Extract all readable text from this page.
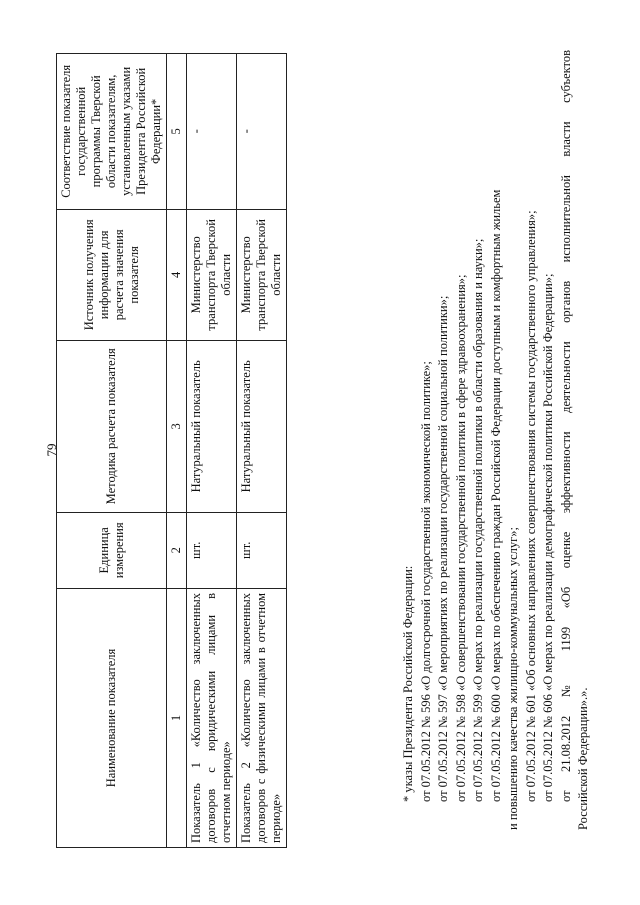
79
Наименование показателя	Единица измерения	Методика расчета показателя	Источник получения информации для расчета значения показателя	Соответствие показателя государственной программы Тверской области показателям, установленным указами Президента Российской Федерации*
1	2	3	4	5
Показатель 1 «Количество заключенных договоров с юридическими лицами в отчетном периоде»	шт.	Натуральный показатель	Министерство транспорта Тверской области	-
Показатель 2 «Количество заключенных договоров с физическими лицами в отчетном периоде»	шт.	Натуральный показатель	Министерство транспорта Тверской области	-

* указы Президента Российской Федерации: от 07.05.2012 № 596 «О долгосрочной государственной экономической политике»; от 07.05.2012 № 597 «О мероприятиях по реализации государственной социальной политики»; от 07.05.2012 № 598 «О совершенствовании государственной политики в сфере здравоохранения»; от 07.05.2012 № 599 «О мерах по реализации государственной политики в области образования и науки»; от 07.05.2012 № 600 «О мерах по обеспечению граждан Российской Федерации доступным и комфортным жильем и повышению качества жилищно-коммунальных услуг»; от 07.05.2012 № 601 «Об основных направлениях совершенствования системы государственного управления»; от 07.05.2012 № 606 «О мерах по реализации демографической политики Российской Федерации»; от 21.08.2012 № 1199 «Об оценке эффективности деятельности органов исполнительной власти субъектов Российской Федерации».».
